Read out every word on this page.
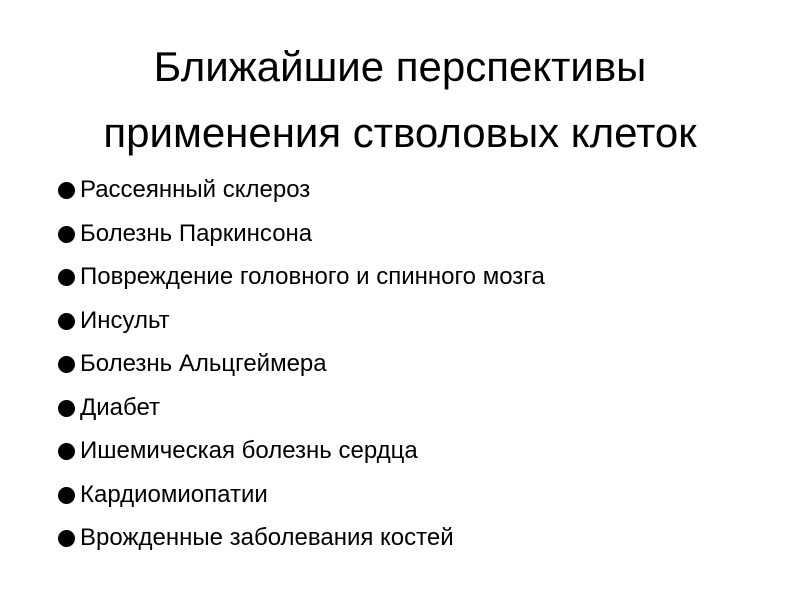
Ближайшие перспективы
применения стволовых клеток
Рассеянный склероз
Болезнь Паркинсона
Повреждение головного и спинного мозга
Инсульт
Болезнь Альцгеймера
Диабет
Ишемическая болезнь сердца
Кардиомиопатии
Врожденные заболевания костей
